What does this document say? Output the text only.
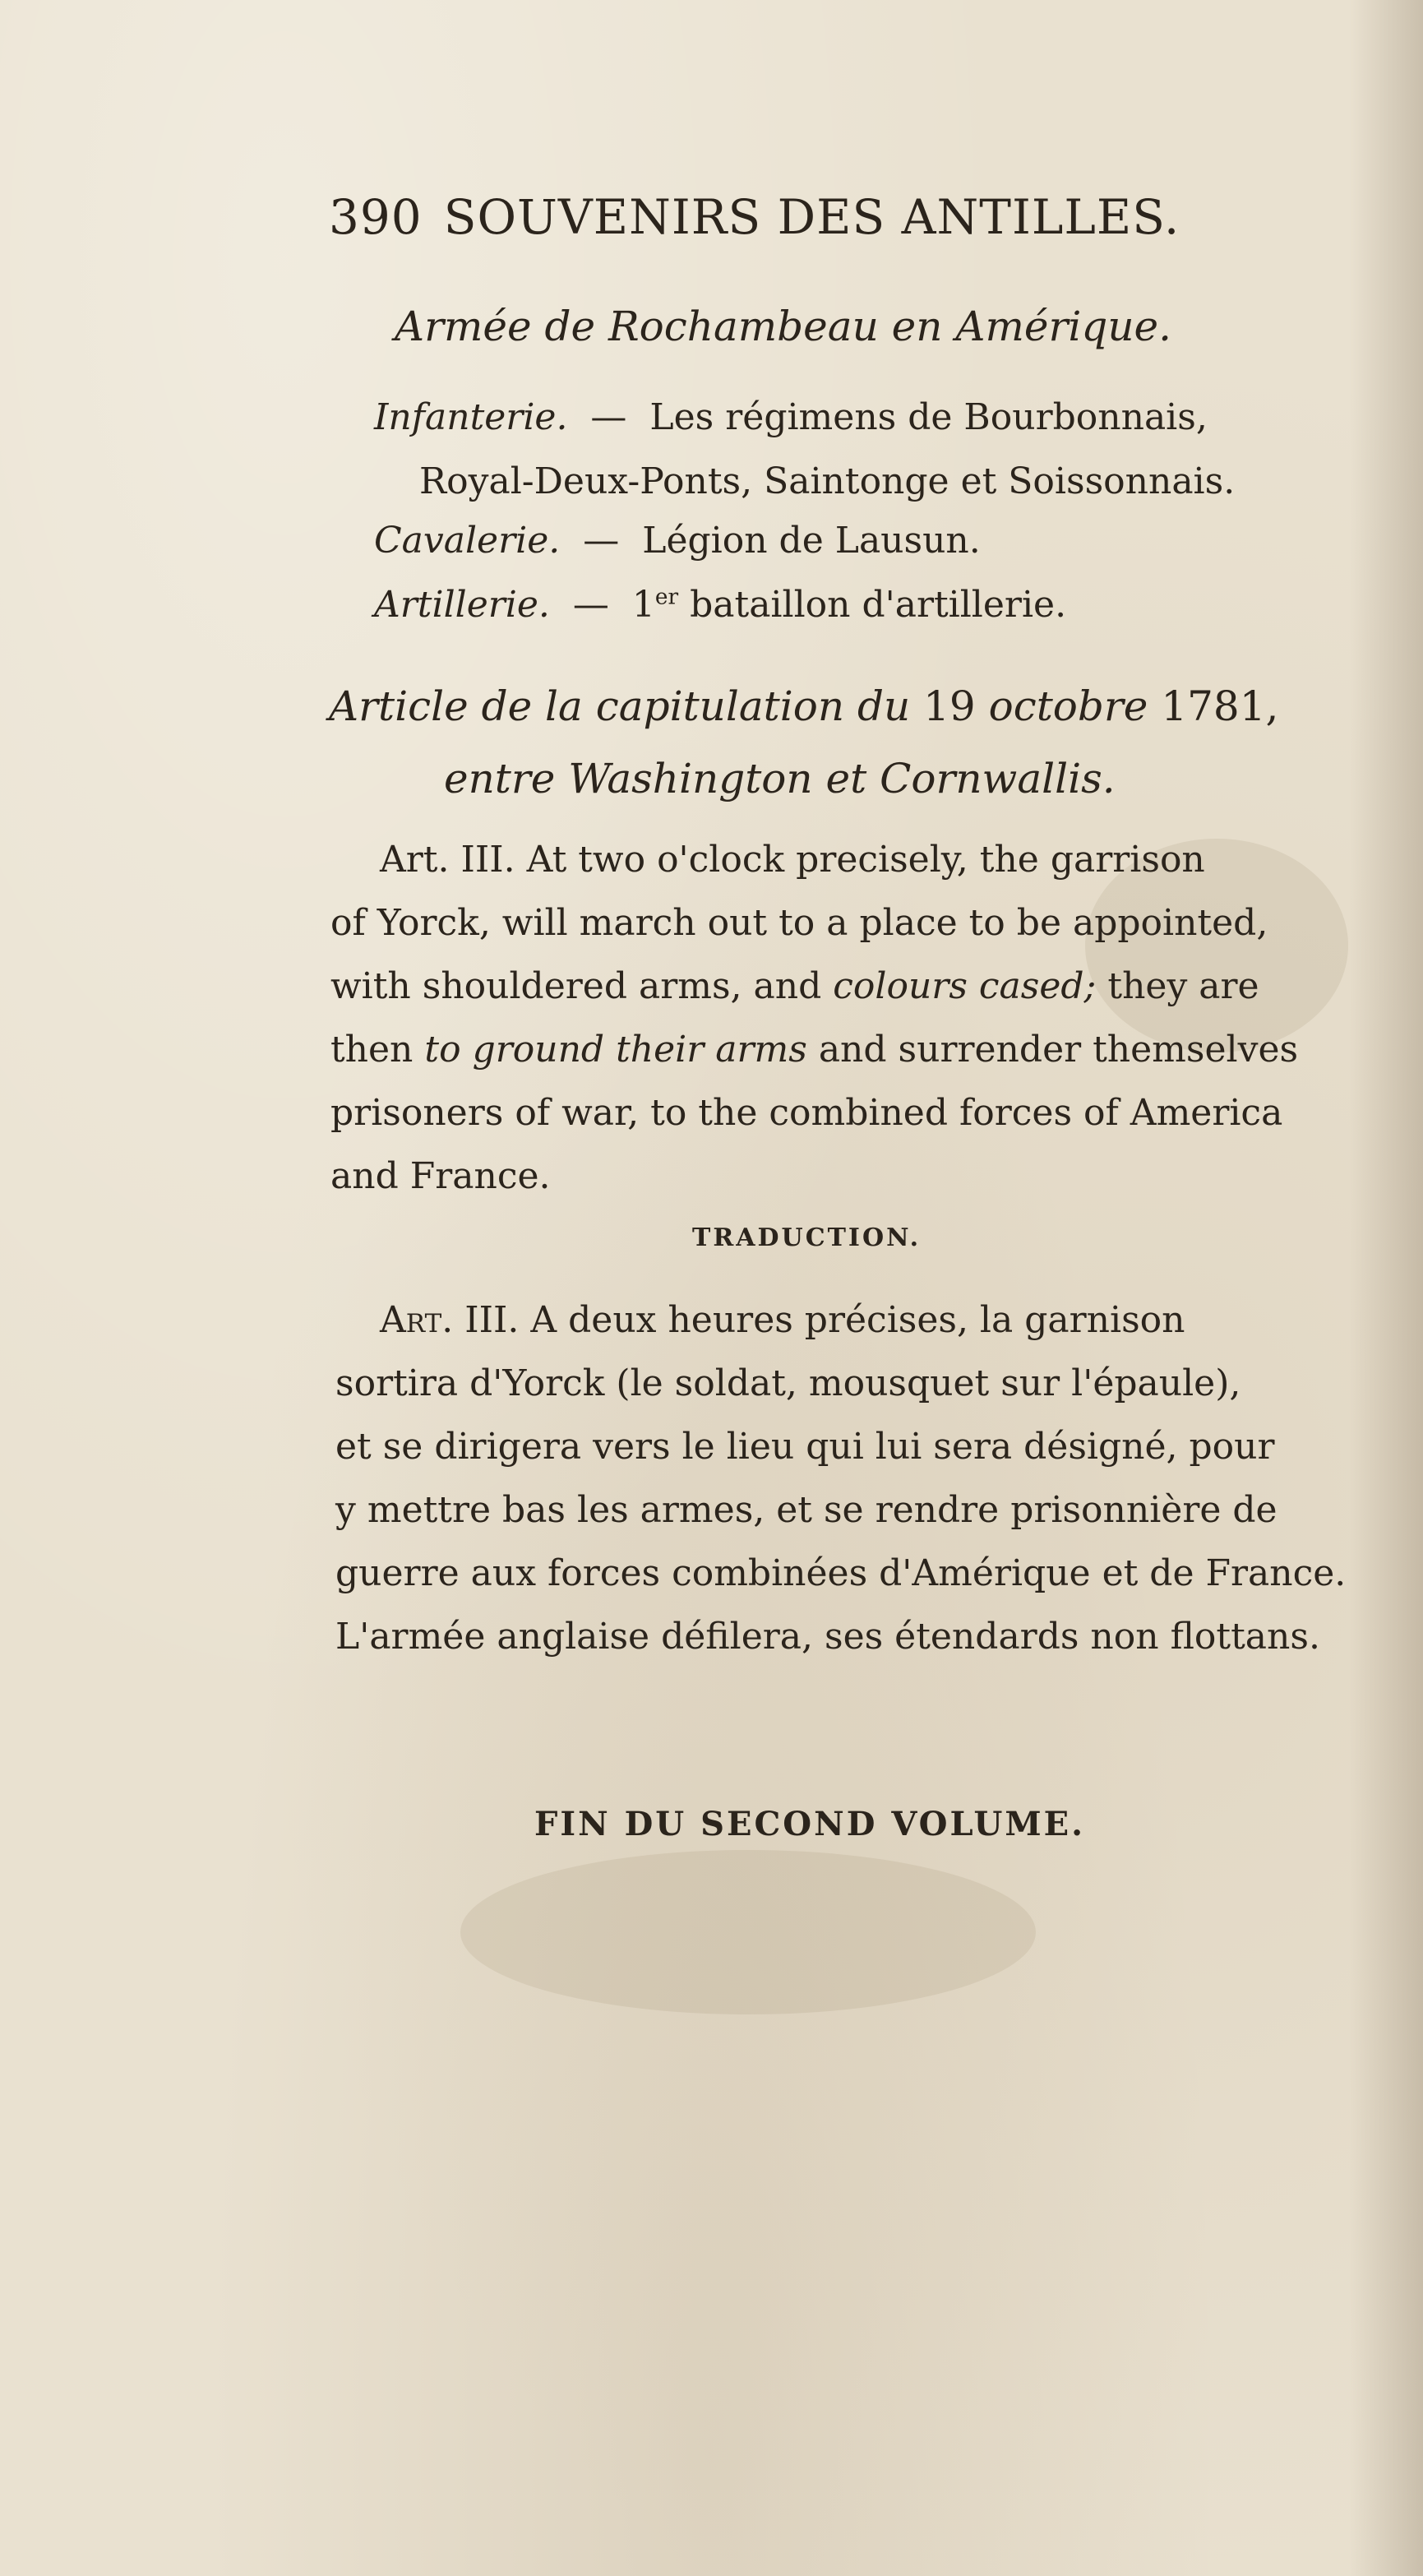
390 SOUVENIRS DES ANTILLES.
Armée de Rochambeau en Amérique.
Infanterie.  —  Les régimens de Bourbonnais,
Royal-Deux-Ponts, Saintonge et Soissonnais.
Cavalerie.  —  Légion de Lausun.
Artillerie.  —  1er bataillon d'artillerie.
Article de la capitulation du 19 octobre 1781,
entre Washington et Cornwallis.
Art. III. At two o'clock precisely, the garrison
of Yorck, will march out to a place to be appointed,
with shouldered arms, and colours cased; they are
then to ground their arms and surrender themselves
prisoners of war, to the combined forces of America
and France.
TRADUCTION.
Art. III. A deux heures précises, la garnison
sortira d'Yorck (le soldat, mousquet sur l'épaule),
et se dirigera vers le lieu qui lui sera désigné, pour
y mettre bas les armes, et se rendre prisonnière de
guerre aux forces combinées d'Amérique et de France.
L'armée anglaise défilera, ses étendards non flottans.
FIN DU SECOND VOLUME.
